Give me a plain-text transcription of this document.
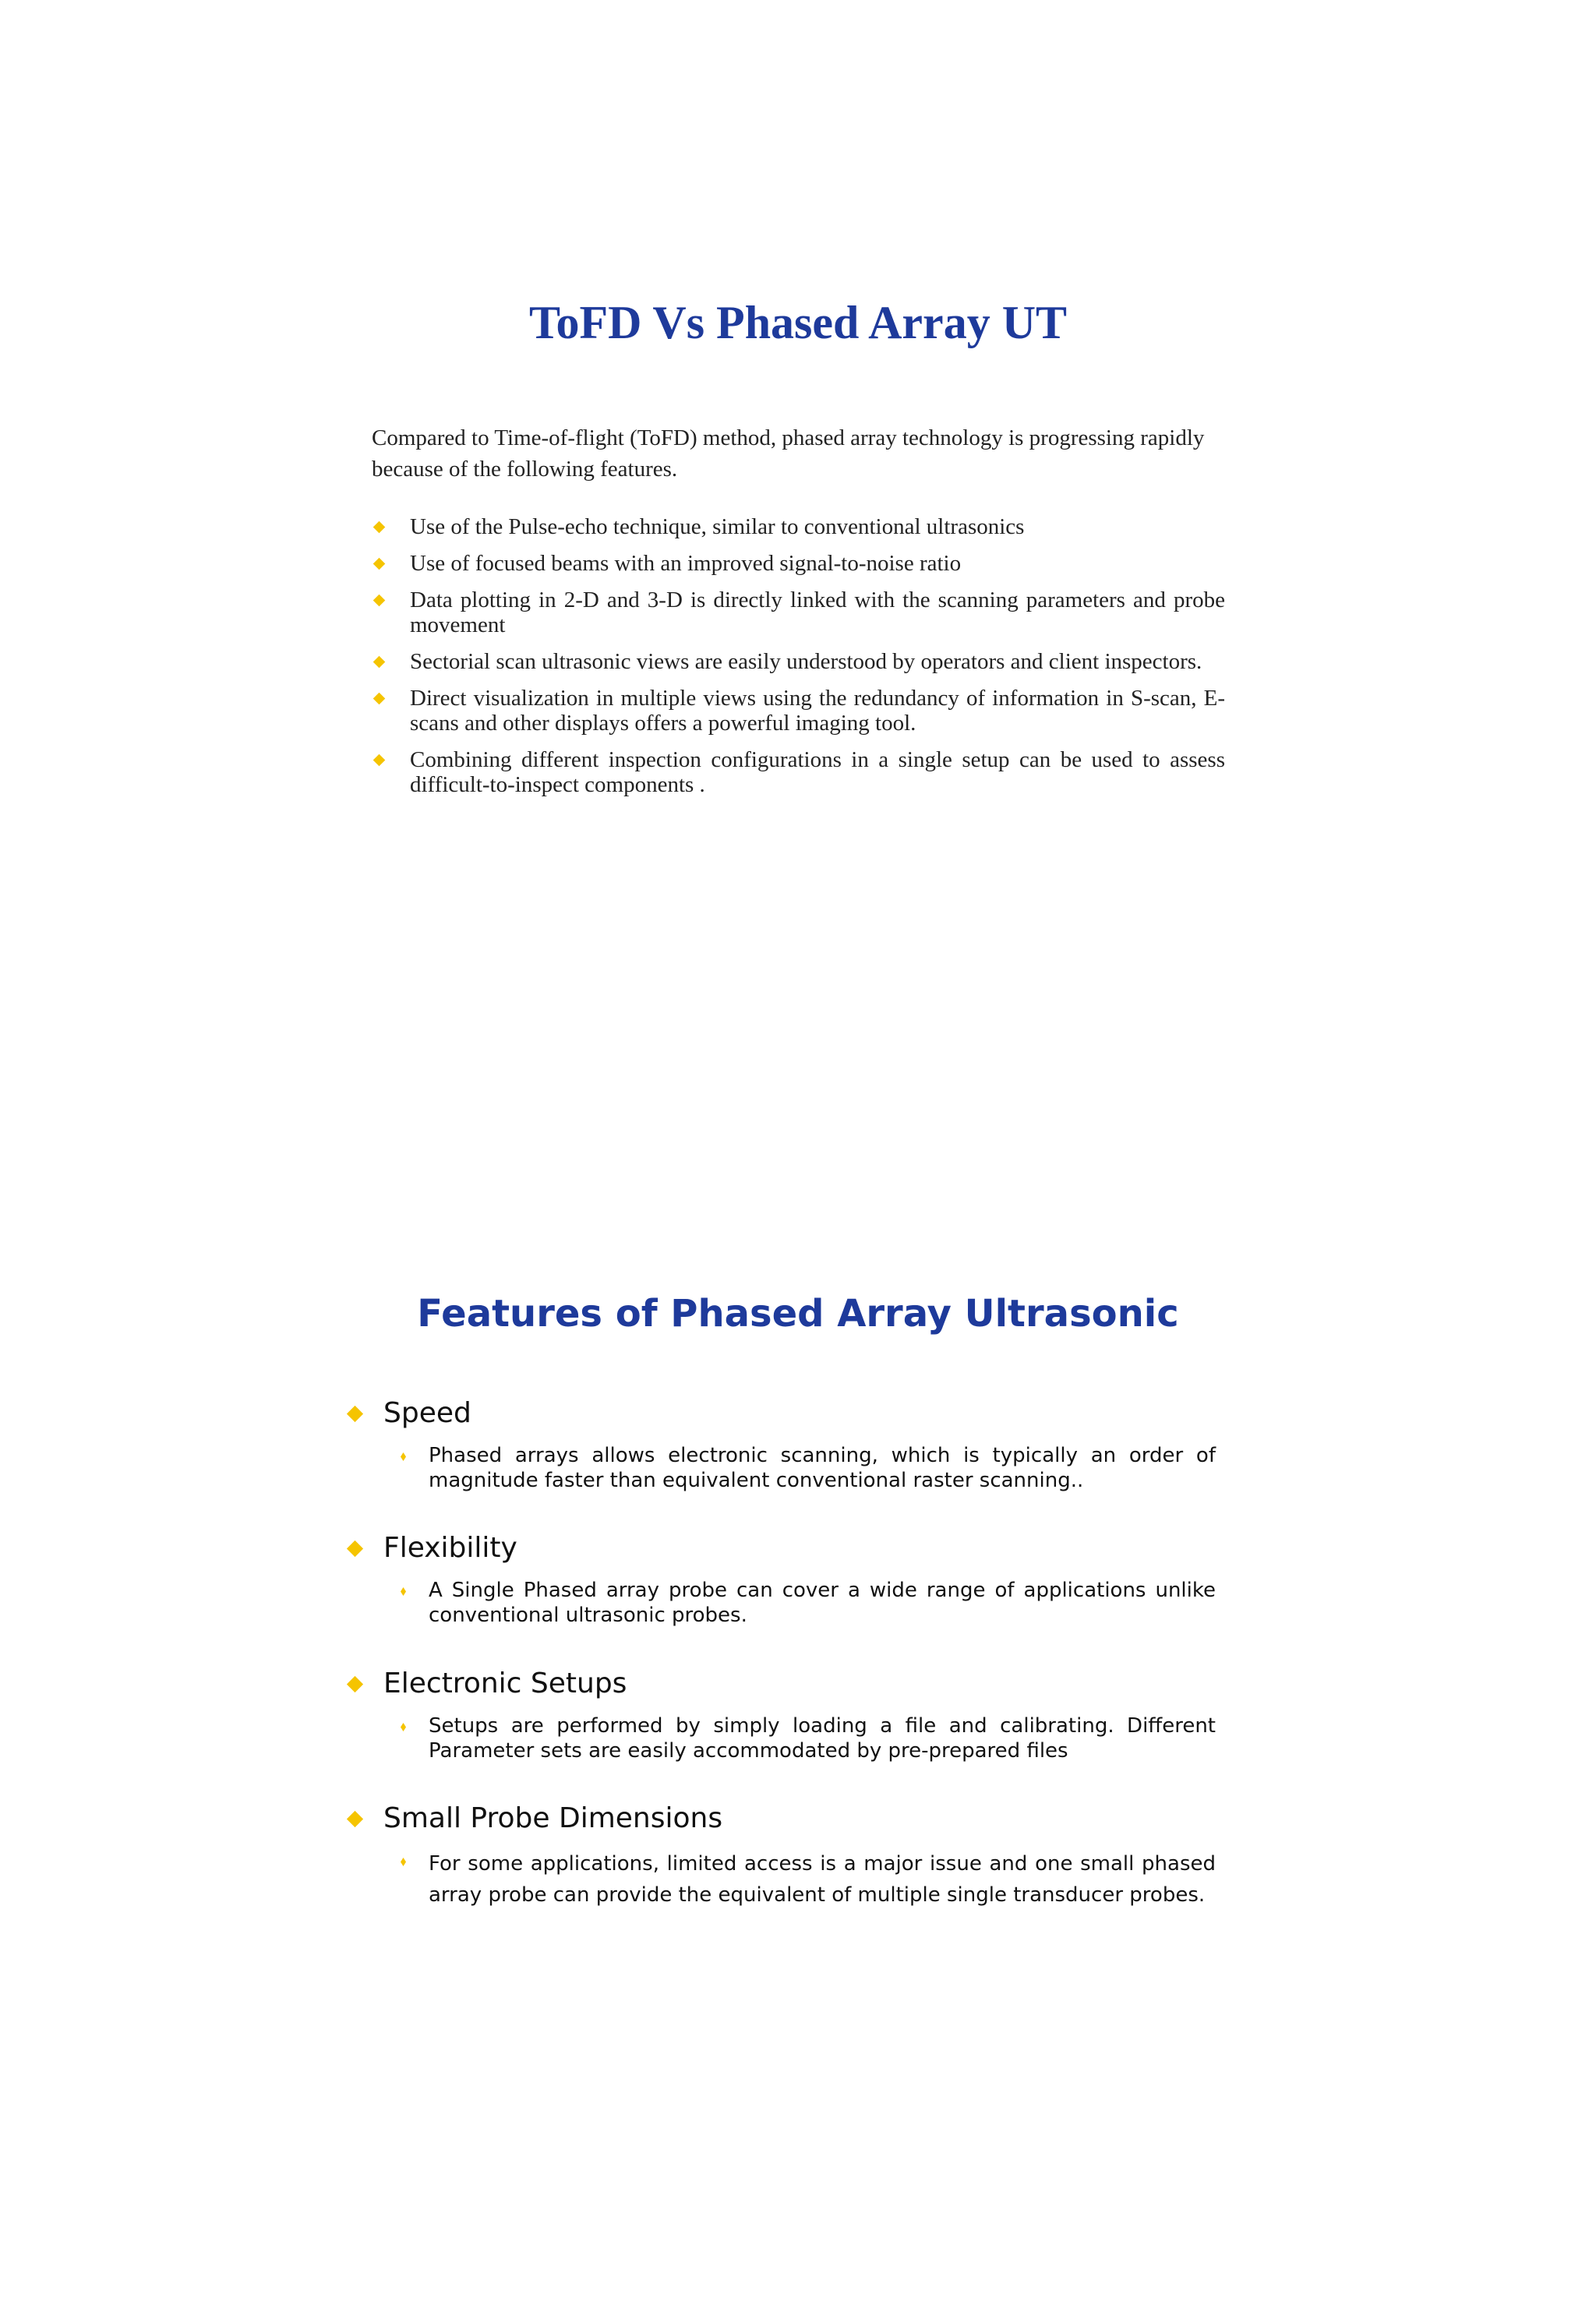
ToFD Vs Phased Array UT

Compared to Time-of-flight (ToFD) method, phased array technology is progressing rapidly because of the following features.

Use of the Pulse-echo technique, similar to conventional ultrasonics
Use of focused beams with an improved signal-to-noise ratio
Data plotting in 2-D and 3-D is directly linked with the scanning parameters and probe movement
Sectorial scan ultrasonic views are easily understood by operators and client inspectors.
Direct visualization in multiple views using the redundancy of information in S-scan, E-scans and other displays offers a powerful imaging tool.
Combining different inspection configurations in a single setup can be used to assess difficult-to-inspect components .
Features of Phased Array Ultrasonic
Speed
Phased arrays allows electronic scanning, which is typically an order of magnitude faster than equivalent conventional raster scanning..
Flexibility
A Single Phased array probe can cover a wide range of applications unlike conventional ultrasonic probes.
Electronic Setups
Setups are performed by simply loading a file and calibrating. Different Parameter sets are easily accommodated by pre-prepared files
Small Probe Dimensions
For some applications, limited access is a major issue and one small phased array probe can provide the equivalent of multiple single transducer probes.
